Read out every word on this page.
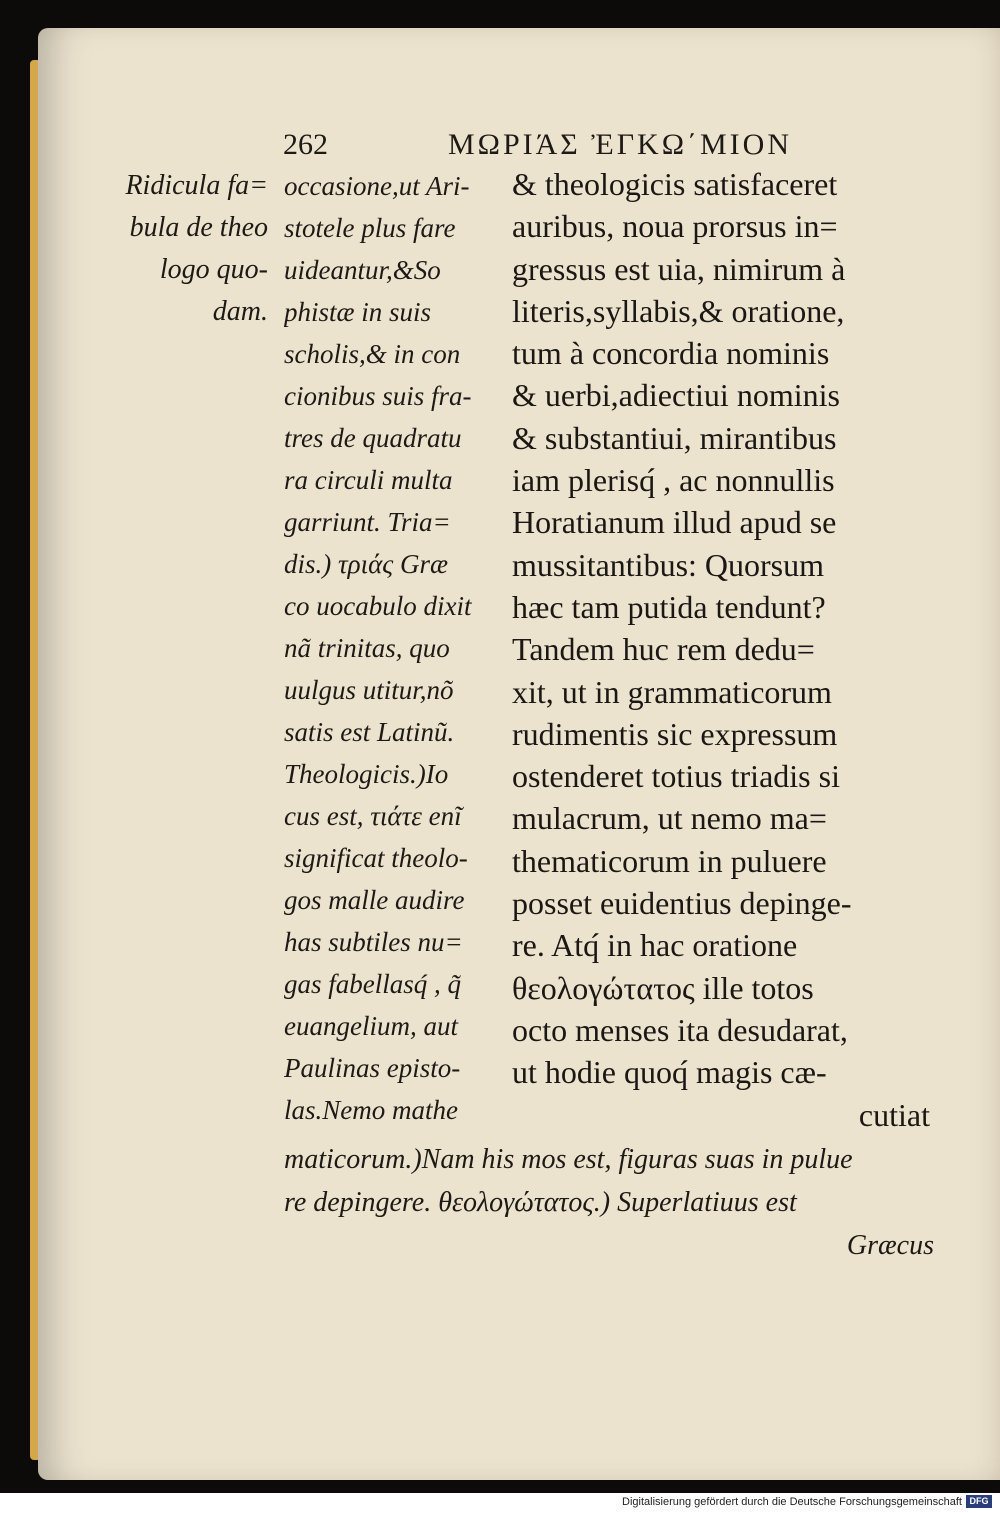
262	ΜΩΡΙΆΣ ἘΓΚΩ΄ΜΙΟΝ
Ridicula fa=
bula de theo
logo quo-
dam.
occasione,ut Ari-
stotele plus fare
uideantur,&So
phistæ in suis
scholis,& in con
cionibus suis fra-
tres de quadratu
ra circuli multa
garriunt. Tria=
dis.) τριάς Græ
co uocabulo dixit
nã trinitas, quo
uulgus utitur,nõ
satis est Latinũ.
Theologicis.)Io
cus est, τιάτε enĩ
significat theolo-
gos malle audire
has subtiles nu=
gas fabellasq́ , q̃
euangelium, aut
Paulinas episto-
las.Nemo mathe
& theologicis satisfaceret
auribus, noua prorsus in=
gressus est uia, nimirum à
literis,syllabis,& oratione,
tum à concordia nominis
& uerbi,adiectiui nominis
& substantiui, mirantibus
iam plerisq́ , ac nonnullis
Horatianum illud apud se
mussitantibus: Quorsum
hæc tam putida tendunt?
Tandem huc rem dedu=
xit, ut in grammaticorum
rudimentis sic expressum
ostenderet totius triadis si
mulacrum, ut nemo ma=
thematicorum in puluere
posset euidentius depinge-
re. Atq́ in hac oratione
θεολογώτατος ille totos
octo menses ita desudarat,
ut hodie quoq́ magis cæ-
cutiat
maticorum.)Nam his mos est, figuras suas in pulue
re depingere. θεολογώτατος.) Superlatiuus est
Græcus
Digitalisierung gefördert durch die Deutsche Forschungsgemeinschaft DFG
